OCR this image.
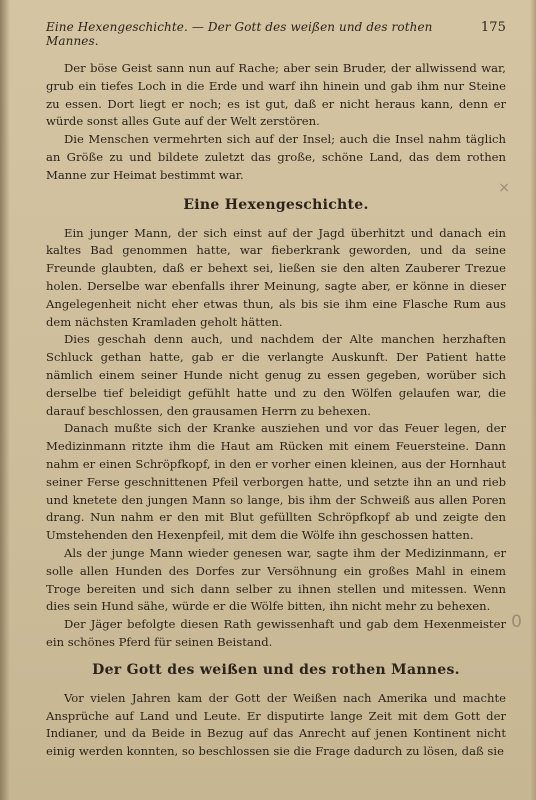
Eine Hexengeschichte. — Der Gott des weißen und des rothen Mannes.
175

Der böse Geist sann nun auf Rache; aber sein Bruder, der allwissend war, grub ein tiefes Loch in die Erde und warf ihn hinein und gab ihm nur Steine zu essen. Dort liegt er noch; es ist gut, daß er nicht heraus kann, denn er würde sonst alles Gute auf der Welt zerstören.

Die Menschen vermehrten sich auf der Insel; auch die Insel nahm täglich an Größe zu und bildete zuletzt das große, schöne Land, das dem rothen Manne zur Heimat bestimmt war.

Eine Hexengeschichte.

Ein junger Mann, der sich einst auf der Jagd überhitzt und danach ein kaltes Bad genommen hatte, war fieberkrank geworden, und da seine Freunde glaubten, daß er behext sei, ließen sie den alten Zauberer Trezue holen. Derselbe war ebenfalls ihrer Meinung, sagte aber, er könne in dieser Angelegenheit nicht eher etwas thun, als bis sie ihm eine Flasche Rum aus dem nächsten Kramladen geholt hätten.

Dies geschah denn auch, und nachdem der Alte manchen herzhaften Schluck gethan hatte, gab er die verlangte Auskunft. Der Patient hatte nämlich einem seiner Hunde nicht genug zu essen gegeben, worüber sich derselbe tief beleidigt gefühlt hatte und zu den Wölfen gelaufen war, die darauf beschlossen, den grausamen Herrn zu behexen.

Danach mußte sich der Kranke ausziehen und vor das Feuer legen, der Medizinmann ritzte ihm die Haut am Rücken mit einem Feuersteine. Dann nahm er einen Schröpfkopf, in den er vorher einen kleinen, aus der Hornhaut seiner Ferse geschnittenen Pfeil verborgen hatte, und setzte ihn an und rieb und knetete den jungen Mann so lange, bis ihm der Schweiß aus allen Poren drang. Nun nahm er den mit Blut gefüllten Schröpfkopf ab und zeigte den Umstehenden den Hexenpfeil, mit dem die Wölfe ihn geschossen hatten.

Als der junge Mann wieder genesen war, sagte ihm der Medizinmann, er solle allen Hunden des Dorfes zur Versöhnung ein großes Mahl in einem Troge bereiten und sich dann selber zu ihnen stellen und mitessen. Wenn dies sein Hund sähe, würde er die Wölfe bitten, ihn nicht mehr zu behexen.

Der Jäger befolgte diesen Rath gewissenhaft und gab dem Hexenmeister ein schönes Pferd für seinen Beistand.

Der Gott des weißen und des rothen Mannes.

Vor vielen Jahren kam der Gott der Weißen nach Amerika und machte Ansprüche auf Land und Leute. Er disputirte lange Zeit mit dem Gott der Indianer, und da Beide in Bezug auf das Anrecht auf jenen Kontinent nicht einig werden konnten, so beschlossen sie die Frage dadurch zu lösen, daß sie

×
0
